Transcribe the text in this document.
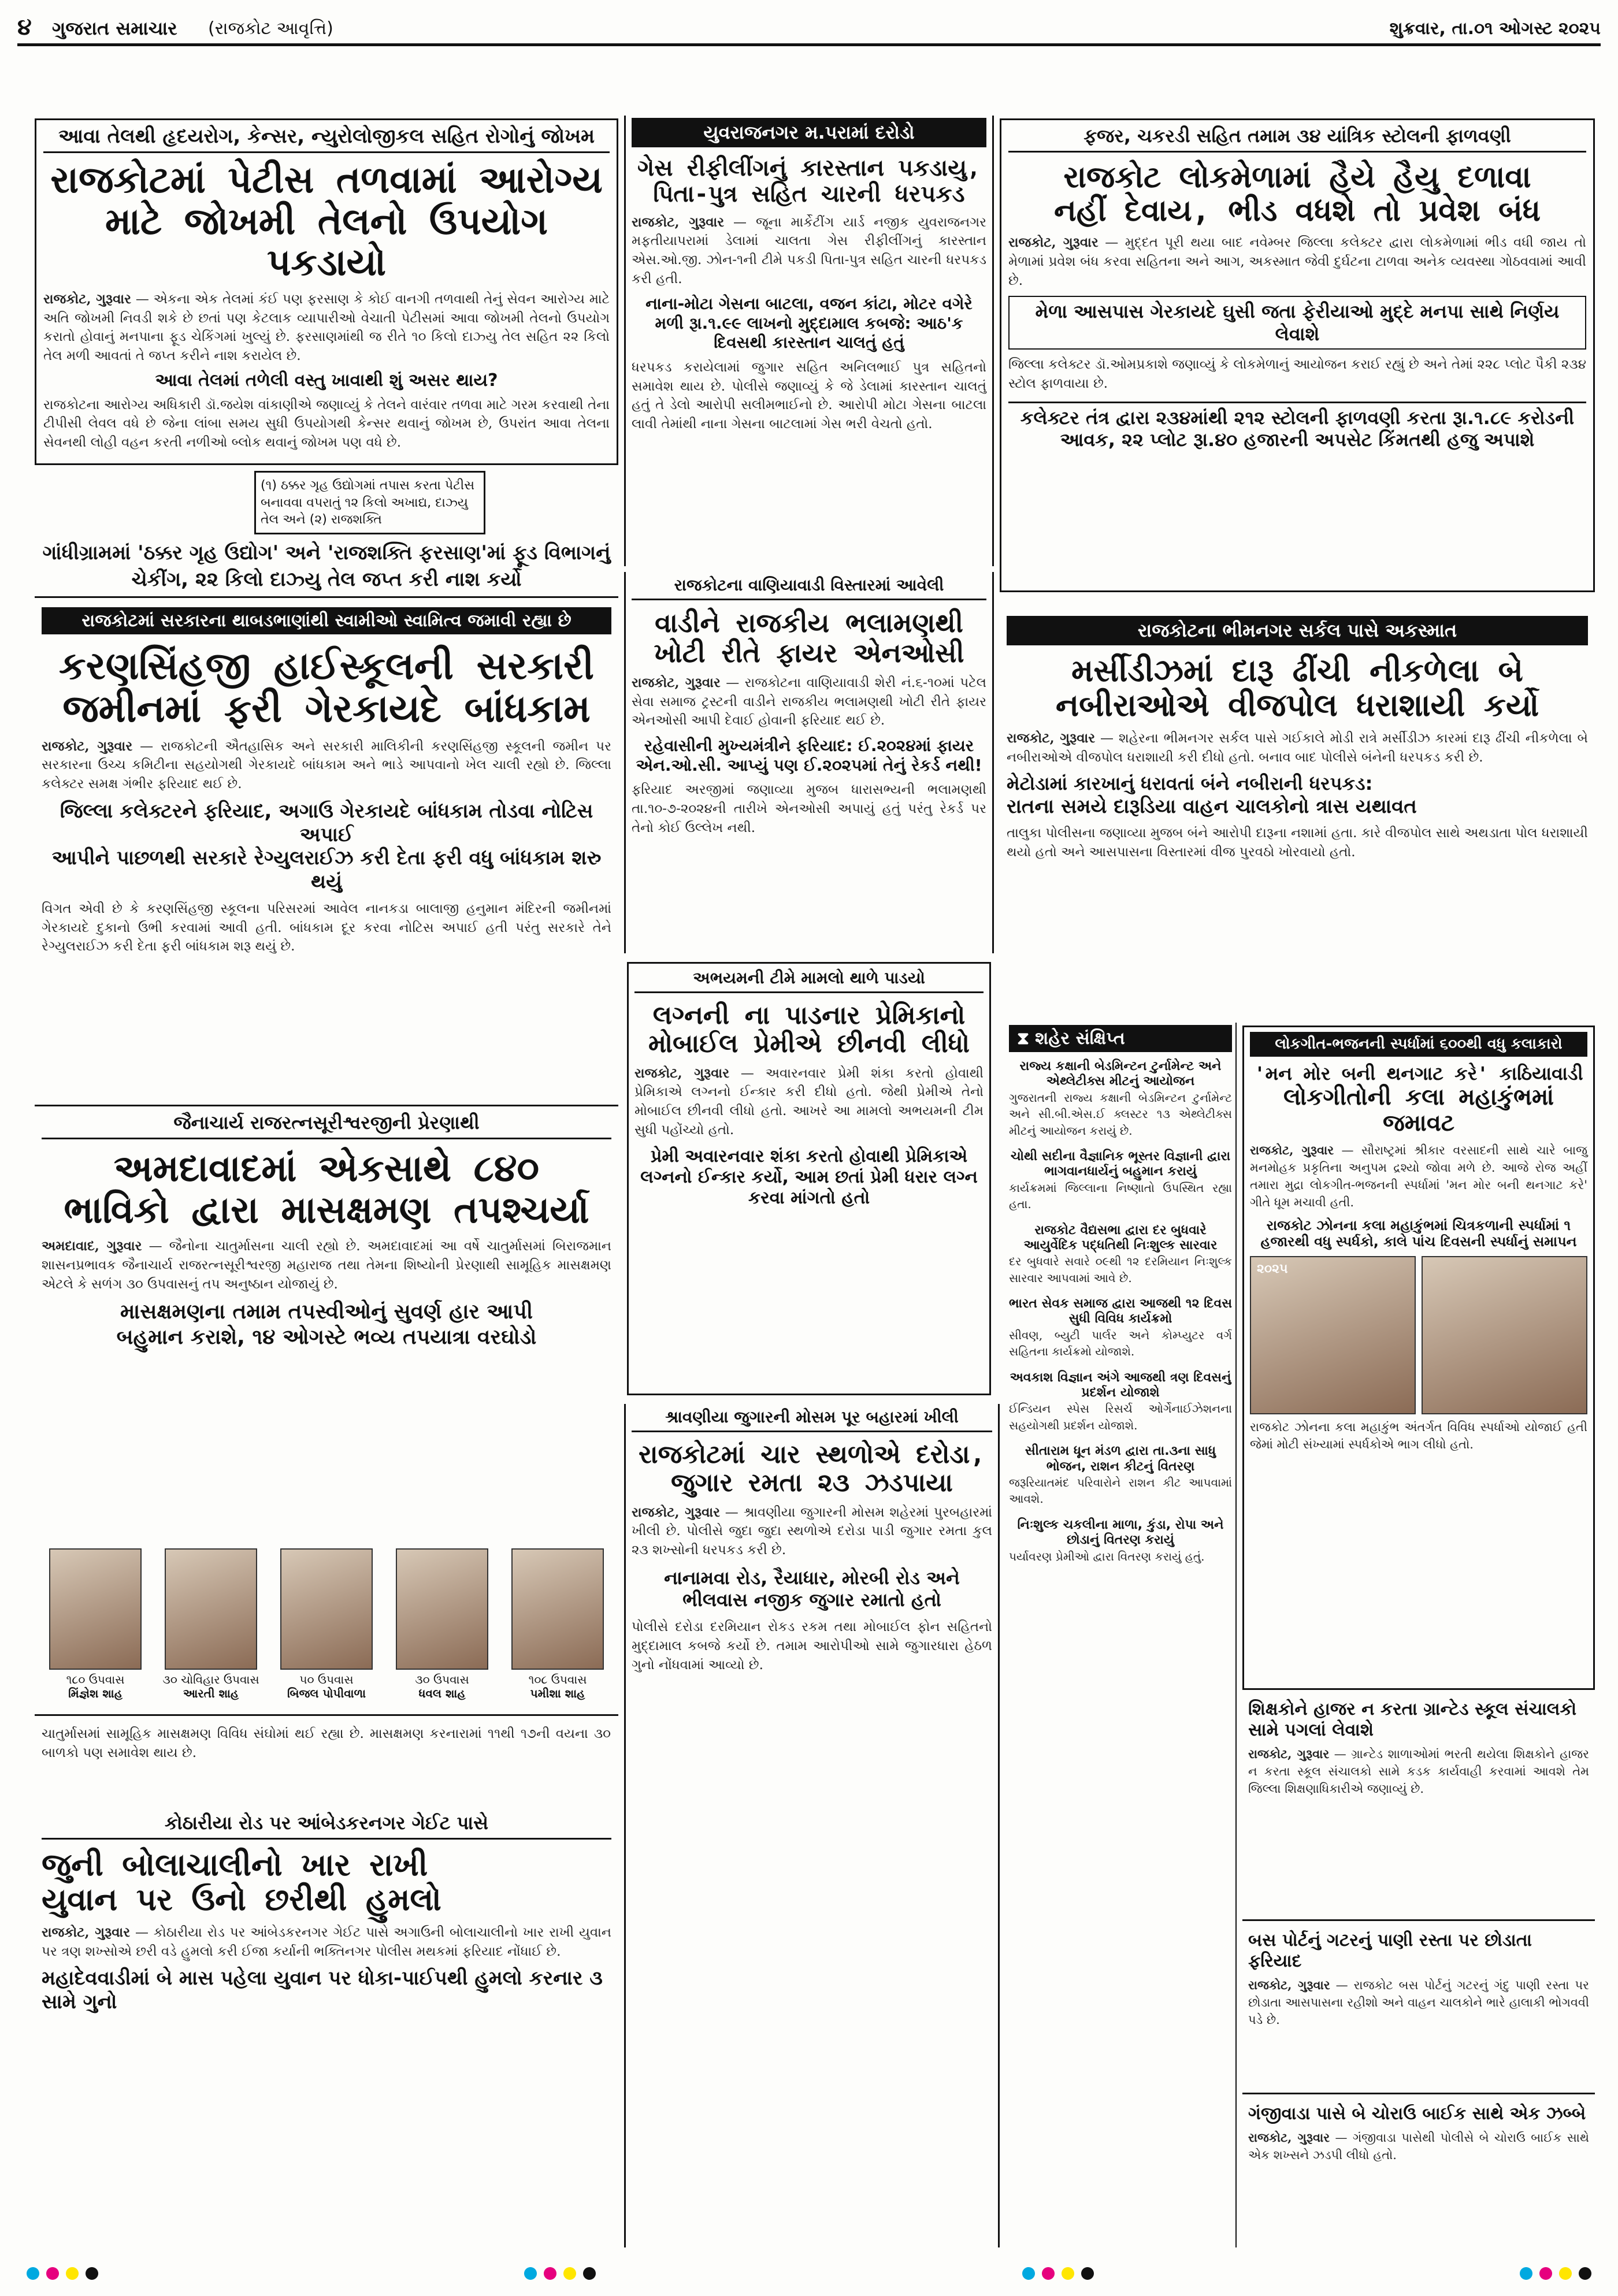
૪ ગુજરાત સમાચાર (રાજકોટ આવૃત્તિ)	શુક્રવાર, તા.૦૧ ઓગસ્ટ ૨૦૨૫
આવા તેલથી હૃદયરોગ, કેન્સર, ન્યુરોલોજીકલ સહિત રોગોનું જોખમ
રાજકોટમાં પેટીસ તળવામાં આરોગ્ય
માટે જોખમી તેલનો ઉપયોગ પકડાયો
રાજકોટ, ગુરૂવાર — એકના એક તેલમાં કંઈ પણ ફરસાણ કે કોઈ વાનગી તળવાથી તેનું સેવન આરોગ્ય માટે અતિ જોખમી નિવડી શકે છે છતાં પણ કેટલાક વ્યાપારીઓ વેચાતી પેટીસમાં આવા જોખમી તેલનો ઉપયોગ કરાતો હોવાનું મનપાના ફૂડ ચેકિંગમાં ખુલ્યું છે. ફરસાણમાંથી જ રીતે ૧૦ કિલો દાઝ્યુ તેલ સહિત ૨૨ કિલો તેલ મળી આવતાં તે જપ્ત કરીને નાશ કરાયેલ છે.
આવા તેલમાં તળેલી વસ્તુ ખાવાથી શું અસર થાય?
રાજકોટના આરોગ્ય અધિકારી ડૉ.જયેશ વાંકાણીએ જણાવ્યું કે તેલને વારંવાર તળવા માટે ગરમ કરવાથી તેના ટીપીસી લેવલ વધે છે જેના લાંબા સમય સુધી ઉપયોગથી કેન્સર થવાનું જોખમ છે, ઉપરાંત આવા તેલના સેવનથી લોહી વહન કરતી નળીઓ બ્લોક થવાનું જોખમ પણ વધે છે.
(૧) ઠક્કર ગૃહ ઉદ્યોગમાં તપાસ કરતા પેટીસ બનાવવા વપરાતું ૧૨ કિલો અખાદ્ય, દાઝ્યુ તેલ અને (૨) રાજશક્તિ
ગાંધીગ્રામમાં 'ઠક્કર ગૃહ ઉદ્યોગ' અને 'રાજશક્તિ ફરસાણ'માં ફૂડ વિભાગનું ચેકીંગ, ૨૨ કિલો દાઝ્યુ તેલ જપ્ત કરી નાશ કર્યો
યુવરાજનગર મ.પરામાં દરોડો
ગેસ રીફીલીંગનું કારસ્તાન પકડાયુ,
પિતા-પુત્ર સહિત ચારની ધરપકડ
રાજકોટ, ગુરૂવાર — જૂના માર્કેટીંગ યાર્ડ નજીક યુવરાજનગર મફતીયાપરામાં ડેલામાં ચાલતા ગેસ રીફીલીંગનું કારસ્તાન એસ.ઓ.જી. ઝોન-૧ની ટીમે પકડી પિતા-પુત્ર સહિત ચારની ધરપકડ કરી હતી.
નાના-મોટા ગેસના બાટલા, વજન કાંટા, મોટર વગેરે મળી રૂા.૧.૯૯ લાખનો મુદ્દામાલ કબજે: આઠ'ક દિવસથી કારસ્તાન ચાલતું હતું
ધરપકડ કરાયેલામાં જુગાર સહિત અનિલભાઈ પુત્ર સહિતનો સમાવેશ થાય છે. પોલીસે જણાવ્યું કે જે ડેલામાં કારસ્તાન ચાલતું હતું તે ડેલો આરોપી સલીમભાઈનો છે. આરોપી મોટા ગેસના બાટલા લાવી તેમાંથી નાના ગેસના બાટલામાં ગેસ ભરી વેચતો હતો.
ફજર, ચકરડી સહિત તમામ ૩૪ યાંત્રિક સ્ટોલની ફાળવણી
રાજકોટ લોકમેળામાં હૈયે હૈયુ દળાવા
નહીં દેવાય, ભીડ વધશે તો પ્રવેશ બંધ
રાજકોટ, ગુરૂવાર — મુદ્દત પૂરી થયા બાદ નવેમ્બર જિલ્લા કલેક્ટર દ્વારા લોકમેળામાં ભીડ વધી જાય તો મેળામાં પ્રવેશ બંધ કરવા સહિતના અને આગ, અકસ્માત જેવી દુર્ઘટના ટાળવા અનેક વ્યવસ્થા ગોઠવવામાં આવી છે.
મેળા આસપાસ ગેરકાયદે ઘુસી જતા ફેરીયાઓ મુદ્દે મનપા સાથે નિર્ણય લેવાશે
જિલ્લા કલેક્ટર ડૉ.ઓમપ્રકાશે જણાવ્યું કે લોકમેળાનું આયોજન કરાઈ રહ્યું છે અને તેમાં ૨૨૮ પ્લોટ પૈકી ૨૩૪ સ્ટોલ ફાળવાયા છે.
કલેક્ટર તંત્ર દ્વારા ૨૩૪માંથી ૨૧૨ સ્ટોલની ફાળવણી કરતા રૂા.૧.૮૯ કરોડની આવક, ૨૨ પ્લોટ રૂા.૪૦ હજારની અપસેટ કિંમતથી હજુ અપાશે
રાજકોટમાં સરકારના થાબડભાણાંથી સ્વામીઓ સ્વામિત્વ જમાવી રહ્યા છે
કરણસિંહજી હાઈસ્કૂલની સરકારી
જમીનમાં ફરી ગેરકાયદે બાંધકામ
રાજકોટ, ગુરૂવાર — રાજકોટની ઐતહાસિક અને સરકારી માલિકીની કરણસિંહજી સ્કૂલની જમીન પર સરકારના ઉચ્ચ કમિટીના સહયોગથી ગેરકાયદે બાંધકામ અને ભાડે આપવાનો ખેલ ચાલી રહ્યો છે. જિલ્લા કલેક્ટર સમક્ષ ગંભીર ફરિયાદ થઈ છે.
જિલ્લા કલેક્ટરને ફરિયાદ, અગાઉ ગેરકાયદે બાંધકામ તોડવા નોટિસ અપાઈ
આપીને પાછળથી સરકારે રેગ્યુલરાઈઝ કરી દેતા ફરી વધુ બાંધકામ શરુ થયું
વિગત એવી છે કે કરણસિંહજી સ્કૂલના પરિસરમાં આવેલ નાનકડા બાલાજી હનુમાન મંદિરની જમીનમાં ગેરકાયદે દુકાનો ઉભી કરવામાં આવી હતી. બાંધકામ દૂર કરવા નોટિસ અપાઈ હતી પરંતુ સરકારે તેને રેગ્યુલરાઈઝ કરી દેતા ફરી બાંધકામ શરૂ થયું છે.
રાજકોટના વાણિયાવાડી વિસ્તારમાં આવેલી
વાડીને રાજકીય ભલામણથી
ખોટી રીતે ફાયર એનઓસી
રાજકોટ, ગુરૂવાર — રાજકોટના વાણિયાવાડી શેરી નં.૬-૧૦માં પટેલ સેવા સમાજ ટ્રસ્ટની વાડીને રાજકીય ભલામણથી ખોટી રીતે ફાયર એનઓસી આપી દેવાઈ હોવાની ફરિયાદ થઈ છે.
રહેવાસીની મુખ્યમંત્રીને ફરિયાદ: ઈ.૨૦૨૪માં ફાયર એન.ઓ.સી. આપ્યું પણ ઈ.૨૦૨૫માં તેનું રેકર્ડ નથી!
ફરિયાદ અરજીમાં જણાવ્યા મુજબ ધારાસભ્યની ભલામણથી તા.૧૦-૭-૨૦૨૪ની તારીખે એનઓસી અપાયું હતું પરંતુ રેકર્ડ પર તેનો કોઈ ઉલ્લેખ નથી.
રાજકોટના ભીમનગર સર્કલ પાસે અકસ્માત
મર્સીડીઝમાં દારૂ ઢીંચી નીકળેલા બે
નબીરાઓએ વીજપોલ ધરાશાયી કર્યો
રાજકોટ, ગુરૂવાર — શહેરના ભીમનગર સર્કલ પાસે ગઈકાલે મોડી રાત્રે મર્સીડીઝ કારમાં દારૂ ઢીંચી નીકળેલા બે નબીરાઓએ વીજપોલ ધરાશાયી કરી દીધો હતો. બનાવ બાદ પોલીસે બંનેની ધરપકડ કરી છે.
મેટોડામાં કારખાનું ધરાવતાં બંને નબીરાની ધરપકડ:
રાતના સમયે દારૂડિયા વાહન ચાલકોનો ત્રાસ યથાવત
તાલુકા પોલીસના જણાવ્યા મુજબ બંને આરોપી દારૂના નશામાં હતા. કારે વીજપોલ સાથે અથડાતા પોલ ધરાશાયી થયો હતો અને આસપાસના વિસ્તારમાં વીજ પુરવઠો ખોરવાયો હતો.
અભયમની ટીમે મામલો થાળે પાડયો
લગ્નની ના પાડનાર પ્રેમિકાનો
મોબાઈલ પ્રેમીએ છીનવી લીધો
રાજકોટ, ગુરૂવાર — અવારનવાર પ્રેમી શંકા કરતો હોવાથી પ્રેમિકાએ લગ્નનો ઈન્કાર કરી દીધો હતો. જેથી પ્રેમીએ તેનો મોબાઈલ છીનવી લીધો હતો. આખરે આ મામલો અભયમની ટીમ સુધી પહોંચ્યો હતો.
પ્રેમી અવારનવાર શંકા કરતો હોવાથી પ્રેમિકાએ લગ્નનો ઈન્કાર કર્યો, આમ છતાં પ્રેમી ધરાર લગ્ન કરવા માંગતો હતો
જૈનાચાર્ય રાજરત્નસૂરીશ્વરજીની પ્રેરણાથી
અમદાવાદમાં એકસાથે ૮૪૦
ભાવિકો દ્વારા માસક્ષમણ તપશ્ચર્યા
અમદાવાદ, ગુરૂવાર — જૈનોના ચાતુર્માસના ચાલી રહ્યો છે. અમદાવાદમાં આ વર્ષે ચાતુર્માસમાં બિરાજમાન શાસનપ્રભાવક જૈનાચાર્ય રાજરત્નસૂરીશ્વરજી મહારાજ તથા તેમના શિષ્યોની પ્રેરણાથી સામૂહિક માસક્ષમણ એટલે કે સળંગ ૩૦ ઉપવાસનું તપ અનુષ્ઠાન યોજાયું છે.
માસક્ષમણના તમામ તપસ્વીઓનું સુવર્ણ હાર આપી
બહુમાન કરાશે, ૧૪ ઓગસ્ટે ભવ્ય તપયાત્રા વરઘોડો
૧૮૦ ઉપવાસ
મિંજ્ઞેશ શાહ
૩૦ ચોવિહાર ઉપવાસ
આરતી શાહ
૫૦ ઉપવાસ
બિજલ પોપીવાળા
૩૦ ઉપવાસ
ધવલ શાહ
૧૦૮ ઉપવાસ
પમીશા શાહ
ચાતુર્માસમાં સામૂહિક માસક્ષમણ વિવિધ સંઘોમાં થઈ રહ્યા છે. માસક્ષમણ કરનારામાં ૧૧થી ૧૭ની વયના ૩૦ બાળકો પણ સમાવેશ થાય છે.
કોઠારીયા રોડ પર આંબેડકરનગર ગેઈટ પાસે
જુની બોલાચાલીનો ખાર રાખી
યુવાન પર ઉનો છરીથી હુમલો
રાજકોટ, ગુરૂવાર — કોઠારીયા રોડ પર આંબેડકરનગર ગેઈટ પાસે અગાઉની બોલાચાલીનો ખાર રાખી યુવાન પર ત્રણ શખ્સોએ છરી વડે હુમલો કરી ઈજા કર્યાની ભક્તિનગર પોલીસ મથકમાં ફરિયાદ નોંધાઈ છે.
મહાદેવવાડીમાં બે માસ પહેલા યુવાન પર ધોકા-પાઈપથી હુમલો કરનાર ૩ સામે ગુનો
⧗ શહેર સંક્ષિપ્ત
રાજ્ય કક્ષાની બેડમિન્ટન ટુર્નામેન્ટ અને એથ્લેટીક્સ મીટનું આયોજન
ગુજરાતની રાજ્ય કક્ષાની બેડમિન્ટન ટુર્નામેન્ટ અને સી.બી.એસ.ઈ ક્લસ્ટર ૧૩ એથ્લેટીક્સ મીટનું આયોજન કરાયું છે.
ચોથી સદીના વૈજ્ઞાનિક ભૂસ્તર વિજ્ઞાની દ્વારા ભાગવાનધાર્યનું બહુમાન કરાયું
કાર્યક્રમમાં જિલ્લાના નિષ્ણાતો ઉપસ્થિત રહ્યા હતા.
રાજકોટ વૈદ્યસભા દ્વારા દર બુધવારે આયુર્વેદિક પદ્ધતિથી નિઃશુલ્ક સારવાર
દર બુધવારે સવારે ૦૯થી ૧૨ દરમિયાન નિઃશુલ્ક સારવાર આપવામાં આવે છે.
ભારત સેવક સમાજ દ્વારા આજથી ૧૨ દિવસ સુધી વિવિધ કાર્યક્રમો
સીવણ, બ્યુટી પાર્લર અને કોમ્પ્યુટર વર્ગ સહિતના કાર્યક્રમો યોજાશે.
અવકાશ વિજ્ઞાન અંગે આજથી ત્રણ દિવસનું પ્રદર્શન યોજાશે
ઈન્ડિયન સ્પેસ રિસર્ચ ઓર્ગેનાઈઝેશનના સહયોગથી પ્રદર્શન યોજાશે.
સીતારામ ધૂન મંડળ દ્વારા તા.૩ના સાધુ ભોજન, રાશન કીટનું વિતરણ
જરૂરિયાતમંદ પરિવારોને રાશન કીટ આપવામાં આવશે.
નિઃશુલ્ક ચકલીના માળા, કુંડા, રોપા અને છોડાનું વિતરણ કરાયું
પર્યાવરણ પ્રેમીઓ દ્વારા વિતરણ કરાયું હતું.
લોકગીત-ભજનની સ્પર્ધામાં ૬૦૦થી વધુ કલાકારો
'મન મોર બની થનગાટ કરે' કાઠિયાવાડી
લોકગીતોની કલા મહાકુંભમાં જમાવટ
રાજકોટ, ગુરૂવાર — સૌરાષ્ટ્રમાં શ્રીકાર વરસાદની સાથે ચારે બાજુ મનમોહક પ્રકૃતિના અનુપમ દ્રશ્યો જોવા મળે છે. આજે રોજ અહીં તમારા મુદ્રા લોકગીત-ભજનની સ્પર્ધામાં 'મન મોર બની થનગાટ કરે' ગીતે ધૂમ મચાવી હતી.
રાજકોટ ઝોનના કલા મહાકુંભમાં ચિત્રકળાની સ્પર્ધામાં ૧ હજારથી વધુ સ્પર્ધકો, કાલે પાંચ દિવસની સ્પર્ધાનું સમાપન
૨૦૨૫
રાજકોટ ઝોનના કલા મહાકુંભ અંતર્ગત વિવિધ સ્પર્ધાઓ યોજાઈ હતી જેમાં મોટી સંખ્યામાં સ્પર્ધકોએ ભાગ લીધો હતો.
શિક્ષકોને હાજર ન કરતા ગ્રાન્ટેડ સ્કૂલ સંચાલકો સામે પગલાં લેવાશે
રાજકોટ, ગુરૂવાર — ગ્રાન્ટેડ શાળાઓમાં ભરતી થયેલા શિક્ષકોને હાજર ન કરતા સ્કૂલ સંચાલકો સામે કડક કાર્યવાહી કરવામાં આવશે તેમ જિલ્લા શિક્ષણાધિકારીએ જણાવ્યું છે.
બસ પોર્ટનું ગટરનું પાણી રસ્તા પર છોડાતા ફરિયાદ
રાજકોટ, ગુરૂવાર — રાજકોટ બસ પોર્ટનું ગટરનું ગંદુ પાણી રસ્તા પર છોડાતા આસપાસના રહીશો અને વાહન ચાલકોને ભારે હાલાકી ભોગવવી પડે છે.
ગંજીવાડા પાસે બે ચોરાઉ બાઈક સાથે એક ઝબ્બે
રાજકોટ, ગુરૂવાર — ગંજીવાડા પાસેથી પોલીસે બે ચોરાઉ બાઈક સાથે એક શખ્સને ઝડપી લીધો હતો.
શ્રાવણીયા જુગારની મોસમ પૂર બહારમાં ખીલી
રાજકોટમાં ચાર સ્થળોએ દરોડા,
જુગાર રમતા ૨૩ ઝડપાયા
રાજકોટ, ગુરૂવાર — શ્રાવણીયા જુગારની મોસમ શહેરમાં પુરબહારમાં ખીલી છે. પોલીસે જુદા જુદા સ્થળોએ દરોડા પાડી જુગાર રમતા કુલ ૨૩ શખ્સોની ધરપકડ કરી છે.
નાનામવા રોડ, રૈયાધાર, મોરબી રોડ અને ભીલવાસ નજીક જુગાર રમાતો હતો
પોલીસે દરોડા દરમિયાન રોકડ રકમ તથા મોબાઈલ ફોન સહિતનો મુદ્દામાલ કબજે કર્યો છે. તમામ આરોપીઓ સામે જુગારધારા હેઠળ ગુનો નોંધવામાં આવ્યો છે.
